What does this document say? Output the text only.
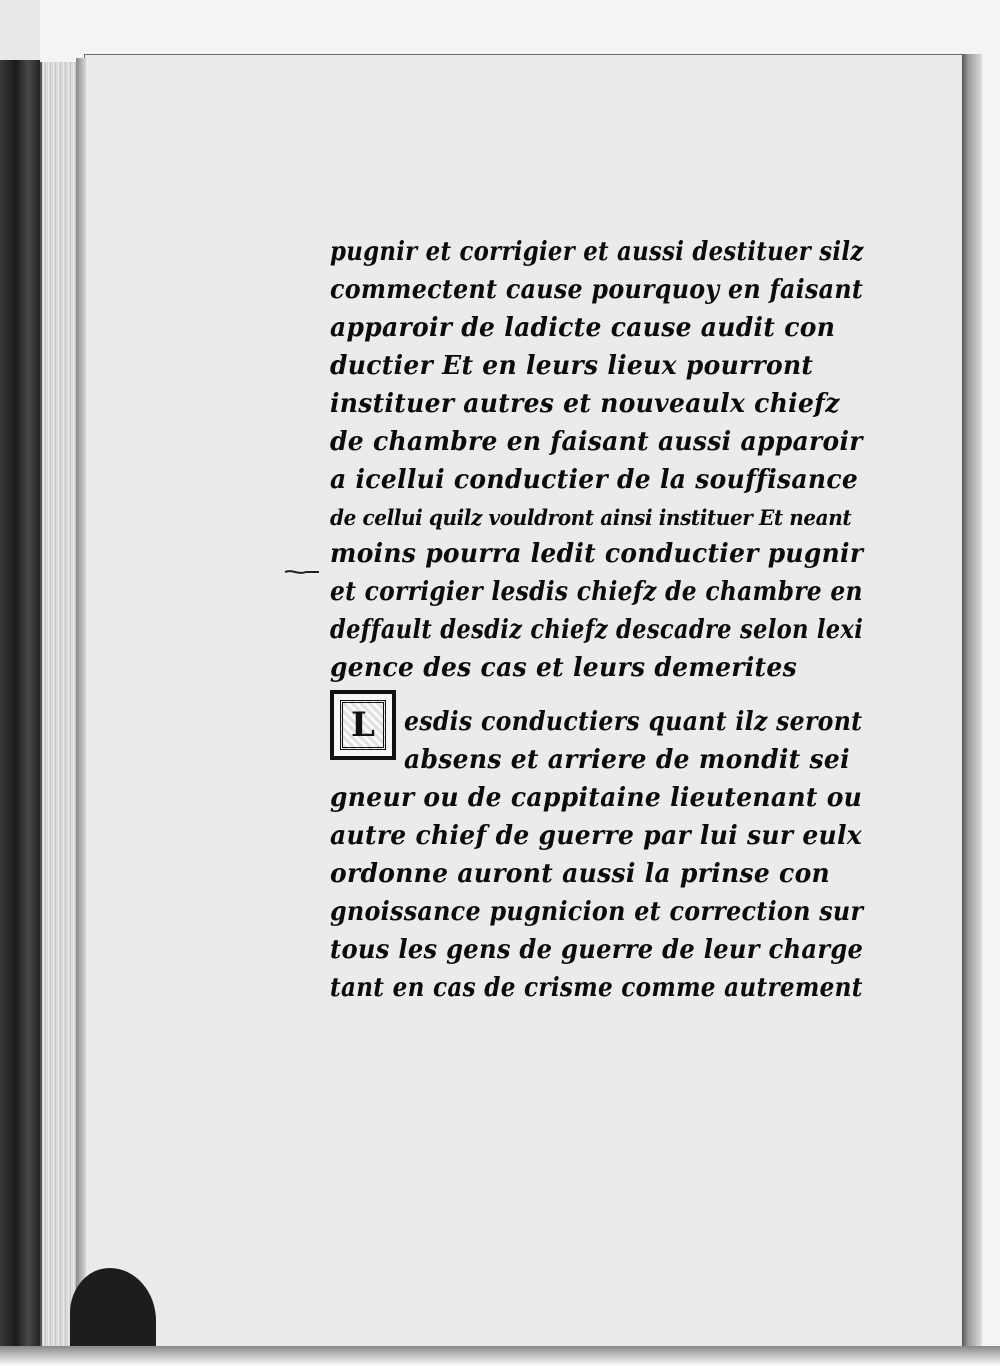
pugnir et corrigier et aussi destituer silz
commectent cause pourquoy en faisant
apparoir de ladicte cause audit con
ductier Et en leurs lieux pourront
instituer autres et nouveaulx chiefz
de chambre en faisant aussi apparoir
a icellui conductier de la souffisance
de cellui quilz vouldront ainsi instituer Et neant
moins pourra ledit conductier pugnir
et corrigier lesdis chiefz de chambre en
deffault desdiz chiefz descadre selon lexi
gence des cas et leurs demerites
esdis conductiers quant ilz seront
absens et arriere de mondit sei
gneur ou de cappitaine lieutenant ou
autre chief de guerre par lui sur eulx
ordonne auront aussi la prinse con
gnoissance pugnicion et correction sur
tous les gens de guerre de leur charge
tant en cas de crisme comme autrement
L
